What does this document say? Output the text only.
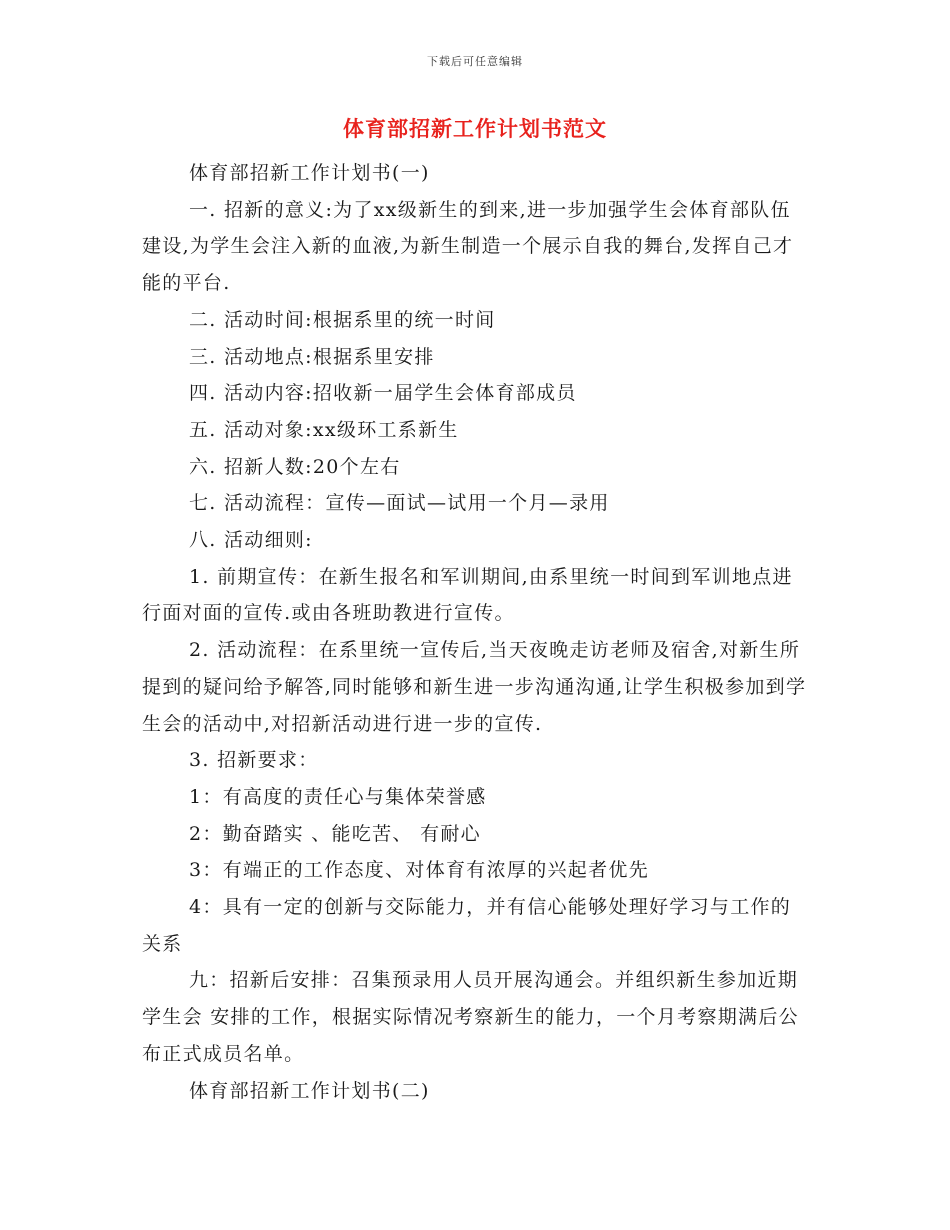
下载后可任意编辑
体育部招新工作计划书范文

体育部招新工作计划书(一)

一. 招新的意义:为了xx级新生的到来,进一步加强学生会体育部队伍建设,为学生会注入新的血液,为新生制造一个展示自我的舞台,发挥自己才能的平台.

二. 活动时间:根据系里的统一时间

三. 活动地点:根据系里安排

四. 活动内容:招收新一届学生会体育部成员

五. 活动对象:xx级环工系新生

六. 招新人数:20个左右

七. 活动流程：宣传—面试—试用一个月—录用

八. 活动细则:

1. 前期宣传：在新生报名和军训期间,由系里统一时间到军训地点进行面对面的宣传.或由各班助教进行宣传。

2. 活动流程：在系里统一宣传后,当天夜晚走访老师及宿舍,对新生所提到的疑问给予解答,同时能够和新生进一步沟通沟通,让学生积极参加到学生会的活动中,对招新活动进行进一步的宣传.

3. 招新要求：

1：有高度的责任心与集体荣誉感

2：勤奋踏实 、能吃苦、 有耐心

3：有端正的工作态度、对体育有浓厚的兴起者优先

4：具有一定的创新与交际能力，并有信心能够处理好学习与工作的关系

九：招新后安排：召集预录用人员开展沟通会。并组织新生参加近期学生会 安排的工作，根据实际情况考察新生的能力，一个月考察期满后公布正式成员名单。

体育部招新工作计划书(二)
